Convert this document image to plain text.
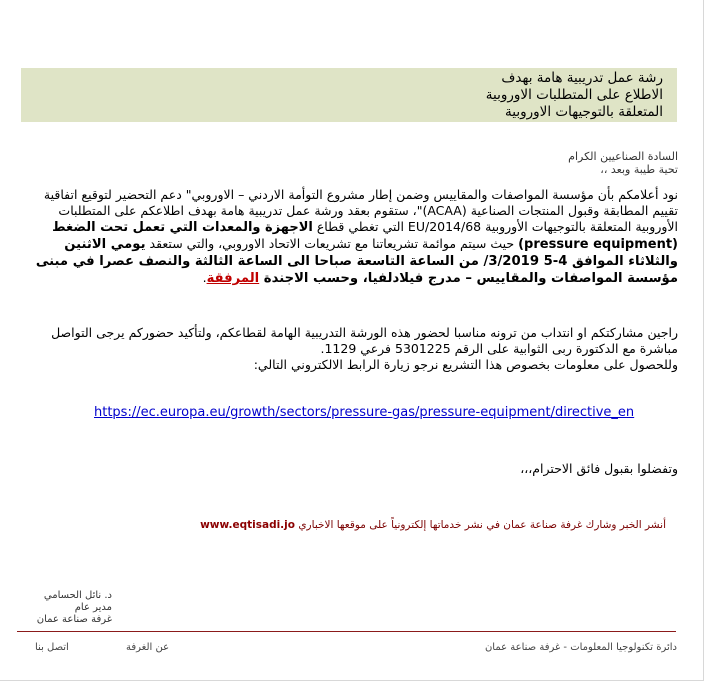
رشة عمل تدريبية هامة بهدف
الاطلاع على المتطلبات الاوروبية
المتعلقة بالتوجيهات الاوروبية
السادة الصناعيين الكرام
تحية طيبة وبعد ،،

نود أعلامكم بأن مؤسسة المواصفات والمقاييس وضمن إطار مشروع التوأمة الاردني – الاوروبي" دعم التحضير لتوقيع اتفاقية تقييم المطابقة وقبول المنتجات الصناعية (ACAA)"، ستقوم بعقد ورشة عمل تدريبية هامة بهدف اطلاعكم على المتطلبات الأوروبية المتعلقة بالتوجيهات الأوروبية 2014/68/EU التي تغطي قطاع الاجهزة والمعدات التي تعمل تحت الضغط (pressure equipment) حيث سيتم موائمة تشريعاتنا مع تشريعات الاتحاد الاوروبي، والتي ستعقد يومي الاثنين والثلاثاء الموافق 4-5 3/2019/ من الساعة التاسعة صباحا الى الساعة الثالثة والنصف عصرا في مبنى مؤسسة المواصفات والمقاييس – مدرج فيلادلفيا، وحسب الاجندة المرفقة.

راجين مشاركتكم او انتداب من ترونه مناسبا لحضور هذه الورشة التدريبية الهامة لقطاعكم، ولتأكيد حضوركم يرجى التواصل مباشرة مع الدكتورة ربى الثوابية على الرقم 5301225 فرعي 1129.

وللحصول على معلومات بخصوص هذا التشريع نرجو زيارة الرابط الالكتروني التالي:

https://ec.europa.eu/growth/sectors/pressure-gas/pressure-equipment/directive_en
وتفضلوا بقبول فائق الاحترام،،،
أنشر الخبر وشارك غرفة صناعة عمان في نشر خدماتها إلكترونياً على موقعها الاخباري www.eqtisadi.jo
د. نائل الحسامي
مدير عام
غرفة صناعة عمان
دائرة تكنولوجيا المعلومات - غرفة صناعة عمان
عن الغرفة
اتصل بنا
